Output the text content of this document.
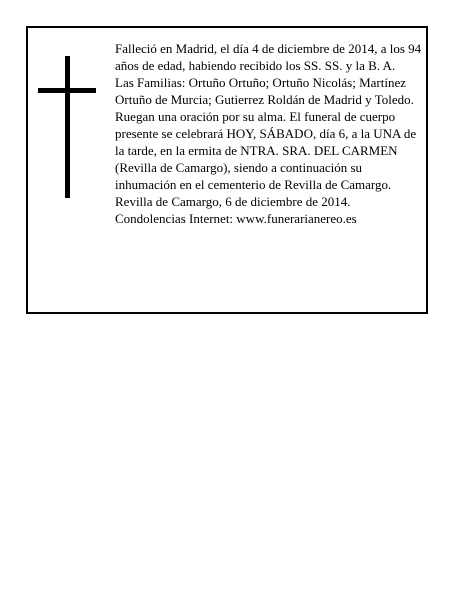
Falleció en Madrid, el día 4 de diciembre de 2014, a los 94 años de edad, habiendo recibido los SS. SS. y la B. A.

Las Familias: Ortuño Ortuño; Ortuño Nicolás; Martínez Ortuño de Murcia; Gutierrez Roldán de Madrid y Toledo.

Ruegan una oración por su alma. El funeral de cuerpo presente se celebrará HOY, SÁBADO, día 6, a la UNA de la tarde, en la ermita de NTRA. SRA. DEL CARMEN (Revilla de Camargo), siendo a continuación su inhumación en el cementerio de Revilla de Camargo.

Revilla de Camargo, 6 de diciembre de 2014.

Condolencias Internet: www.funerarianereo.es
